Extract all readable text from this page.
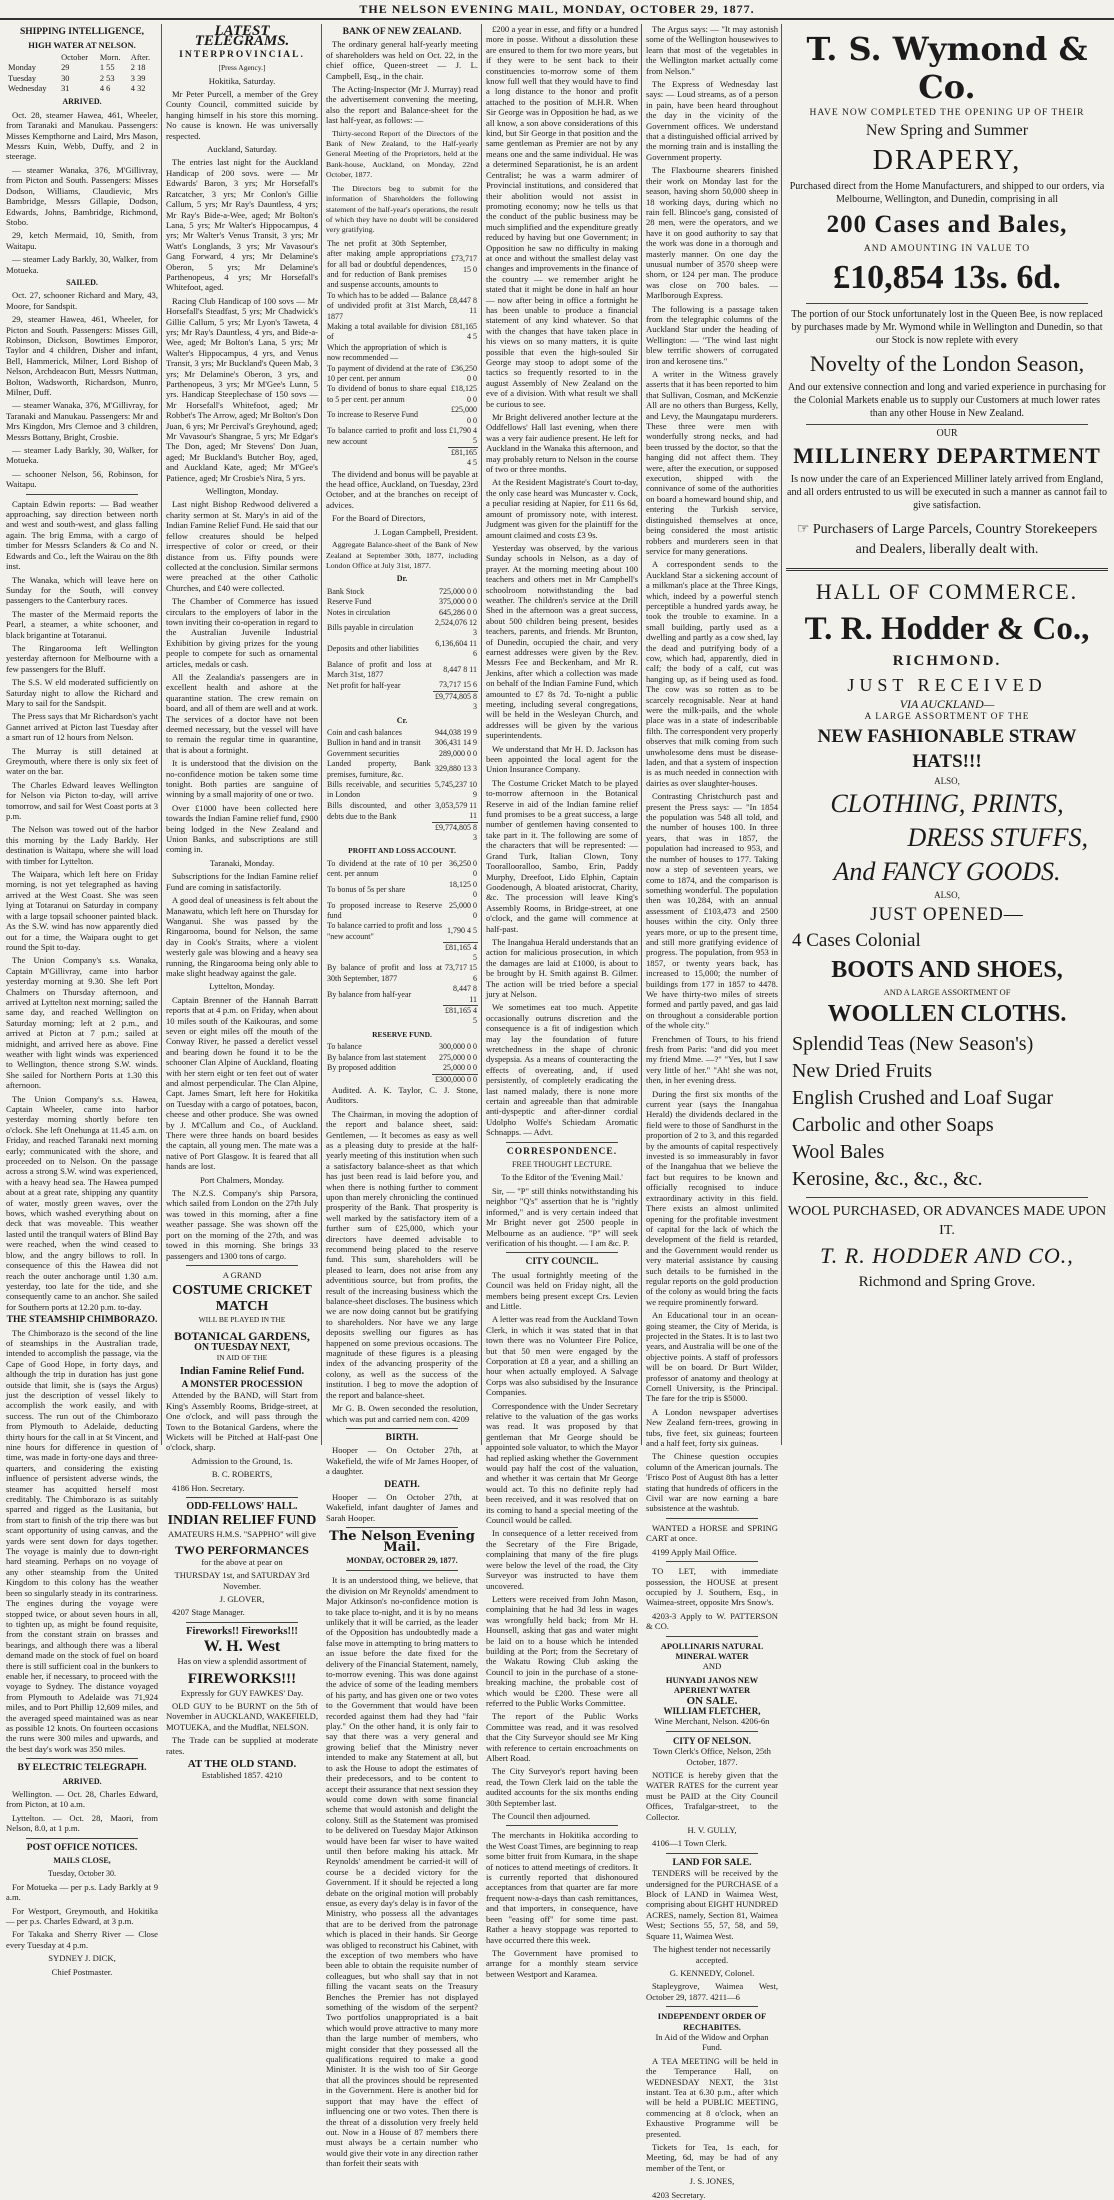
THE NELSON EVENING MAIL, MONDAY, OCTOBER 29, 1877.
SHIPPING INTELLIGENCE,
HIGH WATER AT NELSON.
	October	Morn.	After.
Monday	29	1 55	2 18
Tuesday	30	2 53	3 39
Wednesday	31	4 6	4 32
ARRIVED.

Oct. 28, steamer Hawea, 461, Wheeler, from Taranaki and Manukau. Passengers: Misses Kempthorne and Laird, Mrs Mason, Messrs Kuin, Webb, Duffy, and 2 in steerage.

— steamer Wanaka, 376, M'Gillivray, from Picton and South. Passengers: Misses Dodson, Williams, Claudievic, Mrs Bambridge, Messrs Gillapie, Dodson, Edwards, Johns, Bambridge, Richmond, Stobo.

29, ketch Mermaid, 10, Smith, from Waitapu.

— steamer Lady Barkly, 30, Walker, from Motueka.

SAILED.

Oct. 27, schooner Richard and Mary, 43, Moore, for Sandspit.

29, steamer Hawea, 461, Wheeler, for Picton and South. Passengers: Misses Gill, Robinson, Dickson, Bowtimes Emporor, Taylor and 4 children, Disher and infant, Bell, Hammerick, Milner, Lord Bishop of Nelson, Archdeacon Butt, Messrs Nuttman, Bolton, Wadsworth, Richardson, Munro, Milner, Duff.

— steamer Wanaka, 376, M'Gillivray, for Taranaki and Manukau. Passengers: Mr and Mrs Kingdon, Mrs Clemoe and 3 children, Messrs Bottany, Bright, Crosbie.

— steamer Lady Barkly, 30, Walker, for Motueka.

— schooner Nelson, 56, Robinson, for Waitapu.

Captain Edwin reports: — Bad weather approaching, say direction between north and west and south-west, and glass falling again. The brig Emma, with a cargo of timber for Messrs Sclanders & Co and N. Edwards and Co., left the Wairau on the 8th inst.

The Wanaka, which will leave here on Sunday for the South, will convey passengers to the Canterbury races.

The master of the Mermaid reports the Pearl, a steamer, a white schooner, and black brigantine at Totaranui.

The Ringarooma left Wellington yesterday afternoon for Melbourne with a few passengers for the Bluff.

The S.S. W eld moderated sufficiently on Saturday night to allow the Richard and Mary to sail for the Sandspit.

The Press says that Mr Richardson's yacht Gannet arrived at Picton last Tuesday after a smart run of 12 hours from Nelson.

The Murray is still detained at Greymouth, where there is only six feet of water on the bar.

The Charles Edward leaves Wellington for Nelson via Picton to-day, will arrive tomorrow, and sail for West Coast ports at 3 p.m.

The Nelson was towed out of the harbor this morning by the Lady Barkly. Her destination is Waitapu, where she will load with timber for Lyttelton.

The Waipara, which left here on Friday morning, is not yet telegraphed as having arrived at the West Coast. She was seen lying at Totaranui on Saturday in company with a large topsail schooner painted black. As the S.W. wind has now apparently died out for a time, the Waipara ought to get round the Spit to-day.

The Union Company's s.s. Wanaka, Captain M'Gillivray, came into harbor yesterday morning at 9.30. She left Port Chalmers on Thursday afternoon, and arrived at Lyttelton next morning; sailed the same day, and reached Wellington on Saturday morning; left at 2 p.m., and arrived at Picton at 7 p.m.; sailed at midnight, and arrived here as above. Fine weather with light winds was experienced to Wellington, thence strong S.W. winds. She sailed for Northern Ports at 1.30 this afternoon.

The Union Company's s.s. Hawea, Captain Wheeler, came into harbor yesterday morning shortly before ten o'clock. She left Onehunga at 11.45 a.m. on Friday, and reached Taranaki next morning early; communicated with the shore, and proceeded on to Nelson. On the passage across a strong S.W. wind was experienced, with a heavy head sea. The Hawea pumped about at a great rate, shipping any quantity of water, mostly green waves, over the bows, which washed everything about on deck that was moveable. This weather lasted until the tranquil waters of Blind Bay were reached, when the wind ceased to blow, and the angry billows to roll. In consequence of this the Hawea did not reach the outer anchorage until 1.30 a.m. yesterday, too late for the tide, and she consequently came to an anchor. She sailed for Southern ports at 12.20 p.m. to-day.

THE STEAMSHIP CHIMBORAZO.

The Chimborazo is the second of the line of steamships in the Australian trade, intended to accomplish the passage, via the Cape of Good Hope, in forty days, and although the trip in duration has just gone outside that limit, she is (says the Argus) just the description of vessel likely to accomplish the work easily, and with success. The run out of the Chimborazo from Plymouth to Adelaide, deducting thirty hours for the call in at St Vincent, and nine hours for difference in question of time, was made in forty-one days and three-quarters, and considering the existing influence of persistent adverse winds, the steamer has acquitted herself most creditably. The Chimborazo is as suitably sparred and rigged as the Lusitania, but from start to finish of the trip there was but scant opportunity of using canvas, and the yards were sent down for days together. The voyage is mainly due to down-right hard steaming. Perhaps on no voyage of any other steamship from the United Kingdom to this colony has the weather been so singularly steady in its contrariness. The engines during the voyage were stopped twice, or about seven hours in all, to tighten up, as might be found requisite, from the constant strain on brasses and bearings, and although there was a liberal demand made on the stock of fuel on board there is still sufficient coal in the bunkers to enable her, if necessary, to proceed with the voyage to Sydney. The distance voyaged from Plymouth to Adelaide was 71,924 miles, and to Port Phillip 12,609 miles, and the averaged speed maintained was as near as possible 12 knots. On fourteen occasions the runs were 300 miles and upwards, and the best day's work was 350 miles.

BY ELECTRIC TELEGRAPH.
ARRIVED.

Wellington. — Oct. 28, Charles Edward, from Picton, at 10 a.m.

Lyttelton. — Oct. 28, Maori, from Nelson, 8.0, at 1 p.m.

POST OFFICE NOTICES.
MAILS CLOSE,
Tuesday, October 30.

For Motueka — per p.s. Lady Barkly at 9 a.m.

For Westport, Greymouth, and Hokitika — per p.s. Charles Edward, at 3 p.m.

For Takaka and Sherry River — Close every Tuesday at 4 p.m.

SYDNEY J. DICK,

Chief Postmaster.

LATEST TELEGRAMS.
INTERPROVINCIAL.
[Press Agency.]

Hokitika, Saturday.

Mr Peter Purcell, a member of the Grey County Council, committed suicide by hanging himself in his store this morning. No cause is known. He was universally respected.

Auckland, Saturday.

The entries last night for the Auckland Handicap of 200 sovs. were — Mr Edwards' Baron, 3 yrs; Mr Horsefall's Ratcatcher, 3 yrs; Mr Conlon's Gillie Callum, 5 yrs; Mr Ray's Dauntless, 4 yrs; Mr Ray's Bide-a-Wee, aged; Mr Bolton's Lana, 5 yrs; Mr Walter's Hippocampus, 4 yrs; Mr Walter's Venus Transit, 3 yrs; Mr Watt's Longlands, 3 yrs; Mr Vavasour's Gang Forward, 4 yrs; Mr Delamine's Oberon, 5 yrs; Mr Delamine's Parthenopeus, 4 yrs; Mr Horsefall's Whitefoot, aged.

Racing Club Handicap of 100 sovs — Mr Horsefall's Steadfast, 5 yrs; Mr Chadwick's Gillie Callum, 5 yrs; Mr Lyon's Taweta, 4 yrs; Mr Ray's Dauntless, 4 yrs, and Bide-a-Wee, aged; Mr Bolton's Lana, 5 yrs; Mr Walter's Hippocampus, 4 yrs, and Venus Transit, 3 yrs; Mr Buckland's Queen Mab, 3 yrs; Mr Delamine's Oberon, 3 yrs, and Parthenopeus, 3 yrs; Mr M'Gee's Lunn, 5 yrs. Handicap Steeplechase of 150 sovs — Mr Horsefall's Whitefoot, aged; Mr Robbet's The Arrow, aged; Mr Bolton's Don Juan, 6 yrs; Mr Percival's Greyhound, aged; Mr Vavasour's Shangrae, 5 yrs; Mr Edgar's The Don, aged; Mr Stevens' Don Juan, aged; Mr Buckland's Butcher Boy, aged, and Auckland Kate, aged; Mr M'Gee's Patience, aged; Mr Crosbie's Nira, 5 yrs.

Wellington, Monday.

Last night Bishop Redwood delivered a charity sermon at St. Mary's in aid of the Indian Famine Relief Fund. He said that our fellow creatures should be helped irrespective of color or creed, or their distance from us. Fifty pounds were collected at the conclusion. Similar sermons were preached at the other Catholic Churches, and £40 were collected.

The Chamber of Commerce has issued circulars to the employers of labor in the town inviting their co-operation in regard to the Australian Juvenile Industrial Exhibition by giving prizes for the young people to compete for such as ornamental articles, medals or cash.

All the Zealandia's passengers are in excellent health and ashore at the quarantine station. The crew remain on board, and all of them are well and at work. The services of a doctor have not been deemed necessary, but the vessel will have to remain the regular time in quarantine, that is about a fortnight.

It is understood that the division on the no-confidence motion be taken some time tonight. Both parties are sanguine of winning by a small majority of one or two.

Over £1000 have been collected here towards the Indian Famine relief fund, £900 being lodged in the New Zealand and Union Banks, and subscriptions are still coming in.

Taranaki, Monday.

Subscriptions for the Indian Famine relief Fund are coming in satisfactorily.

A good deal of uneasiness is felt about the Manawatu, which left here on Thursday for Wanganui. She was passed by the Ringarooma, bound for Nelson, the same day in Cook's Straits, where a violent westerly gale was blowing and a heavy sea running, the Ringarooma being only able to make slight headway against the gale.

Lyttelton, Monday.

Captain Brenner of the Hannah Barratt reports that at 4 p.m. on Friday, when about 10 miles south of the Kaikouras, and some seven or eight miles off the mouth of the Conway River, he passed a derelict vessel and bearing down he found it to be the schooner Clan Alpine of Auckland, floating with her stern eight or ten feet out of water and almost perpendicular. The Clan Alpine, Capt. James Smart, left here for Hokitika on Tuesday with a cargo of potatoes, bacon, cheese and other produce. She was owned by J. M'Callum and Co., of Auckland. There were three hands on board besides the captain, all young men. The mate was a native of Port Glasgow. It is feared that all hands are lost.

Port Chalmers, Monday.

The N.Z.S. Company's ship Parsora, which sailed from London on the 27th July was towed in this morning, after a fine weather passage. She was shown off the port on the morning of the 27th, and was towed in this morning. She brings 33 passengers and 1300 tons of cargo.

A GRAND

COSTUME CRICKET MATCH

WILL BE PLAYED IN THE

BOTANICAL GARDENS,
ON TUESDAY NEXT,

IN AID OF THE

Indian Famine Relief Fund.
A MONSTER PROCESSION

Attended by the BAND, will Start from King's Assembly Rooms, Bridge-street, at One o'clock, and will pass through the Town to the Botanical Gardens, where the Wickets will be Pitched at Half-past One o'clock, sharp.

Admission to the Ground, 1s.

B. C. ROBERTS,

4186 Hon. Secretary.

ODD-FELLOWS' HALL.
INDIAN RELIEF FUND

AMATEURS H.M.S. "SAPPHO" will give

TWO PERFORMANCES

for the above at pear on

THURSDAY 1st, and SATURDAY 3rd November.

J. GLOVER,

4207 Stage Manager.

Fireworks!! Fireworks!!!
W. H. West

Has on view a splendid assortment of

FIREWORKS!!!

Expressly for GUY FAWKES' Day.

OLD GUY to be BURNT on the 5th of November in AUCKLAND, WAKEFIELD, MOTUEKA, and the Mudflat, NELSON.

The Trade can be supplied at moderate rates.

AT THE OLD STAND.

Established 1857. 4210

BANK OF NEW ZEALAND.

The ordinary general half-yearly meeting of shareholders was held on Oct. 22, in the chief office, Queen-street — J. L. Campbell, Esq., in the chair.

The Acting-Inspector (Mr J. Murray) read the advertisement convening the meeting, also the report and Balance-sheet for the last half-year, as follows: —

Thirty-second Report of the Directors of the Bank of New Zealand, to the Half-yearly General Meeting of the Proprietors, held at the Bank-house, Auckland, on Monday, 22nd October, 1877.

The Directors beg to submit for the information of Shareholders the following statement of the half-year's operations, the result of which they have no doubt will be considered very gratifying.

The net profit at 30th September, after making ample appropriations for all bad or doubtful dependences, and for reduction of Bank premises and suspense accounts, amounts to	£73,717 15 0
To which has to be added — Balance of undivided profit at 31st March, 1877	£8,447 8 11
Making a total available for division of	£81,165 4 5
Which the appropriation of which is now recommended —	
To payment of dividend at the rate of 10 per cent. per annum	£36,250 0 0
To dividend of bonus to share equal to 5 per cent. per annum	£18,125 0 0
To increase to Reserve Fund	£25,000 0 0
To balance carried to profit and loss new account	£1,790 4 5
	£81,165 4 5

The dividend and bonus will be payable at the head office, Auckland, on Tuesday, 23rd October, and at the branches on receipt of advices.

For the Board of Directors,

J. Logan Campbell, President.

Aggregate Balance-sheet of the Bank of New Zealand at September 30th, 1877, including London Office at July 31st, 1877.

Dr.
Bank Stock	725,000 0 0
Reserve Fund	375,000 0 0
Notes in circulation	645,286 0 0
Bills payable in circulation	2,524,076 12 3
Deposits and other liabilities	6,136,604 11 6
Balance of profit and loss at March 31st, 1877	8,447 8 11
Net profit for half-year	73,717 15 6
	£9,774,805 8 3
Cr.
Coin and cash balances	944,038 19 9
Bullion in hand and in transit	306,431 14 9
Government securities	289,000 0 0
Landed property, Bank premises, furniture, &c.	329,880 13 3
Bills receivable, and securities in London	5,745,237 10 9
Bills discounted, and other debts due to the Bank	3,053,579 11 11
	£9,774,805 8 3
PROFIT AND LOSS ACCOUNT.
To dividend at the rate of 10 per cent. per annum	36,250 0 0
To bonus of 5s per share	18,125 0 0
To proposed increase to Reserve fund	25,000 0 0
To balance carried to profit and loss "new account"	1,790 4 5
	£81,165 4 5
By balance of profit and loss at 30th September, 1877	73,717 15 6
By balance from half-year	8,447 8 11
	£81,165 4 5
RESERVE FUND.
To balance	300,000 0 0
By balance from last statement	275,000 0 0
By proposed addition	25,000 0 0
	£300,000 0 0

Audited. A. K. Taylor, C. J. Stone, Auditors.

The Chairman, in moving the adoption of the report and balance sheet, said: Gentlemen, — It becomes as easy as well as a pleasing duty to preside at the half-yearly meeting of this institution when such a satisfactory balance-sheet as that which has just been read is laid before you, and when there is nothing further to comment upon than merely chronicling the continued prosperity of the Bank. That prosperity is well marked by the satisfactory item of a further sum of £25,000, which your directors have deemed advisable to recommend being placed to the reserve fund. This sum, shareholders will be pleased to learn, does not arise from any adventitious source, but from profits, the result of the increasing business which the balance-sheet discloses. The business which we are now doing cannot but be gratifying to shareholders. Nor have we any large deposits swelling our figures as has happened on some previous occasions. The magnitude of these figures is a pleasing index of the advancing prosperity of the colony, as well as the success of the institution. I beg to move the adoption of the report and balance-sheet.

Mr G. B. Owen seconded the resolution, which was put and carried nem con. 4209

BIRTH.

Hooper — On October 27th, at Wakefield, the wife of Mr James Hooper, of a daughter.

DEATH.

Hooper — On October 27th, at Wakefield, infant daughter of James and Sarah Hooper.

The Nelson Evening Mail.
MONDAY, OCTOBER 29, 1877.

It is an understood thing, we believe, that the division on Mr Reynolds' amendment to Major Atkinson's no-confidence motion is to take place to-night, and it is by no means unlikely that it will be carried, as the leader of the Opposition has undoubtedly made a false move in attempting to bring matters to an issue before the date fixed for the delivery of the Financial Statement, namely, to-morrow evening. This was done against the advice of some of the leading members of his party, and has given one or two votes to the Government that would have been recorded against them had they had "fair play." On the other hand, it is only fair to say that there was a very general and growing belief that the Ministry never intended to make any Statement at all, but to ask the House to adopt the estimates of their predecessors, and to be content to accept their assurance that next session they would come down with some financial scheme that would astonish and delight the colony. Still as the Statement was promised to be delivered on Tuesday Major Atkinson would have been far wiser to have waited until then before making his attack. Mr Reynolds' amendment be carried-it will of course be a decided victory for the Government. If it should be rejected a long debate on the original motion will probably ensue, as every day's delay is in favor of the Ministry, who possess all the advantages that are to be derived from the patronage which is placed in their hands. Sir George was obliged to reconstruct his Cabinet, with the exception of two members who have been able to obtain the requisite number of colleagues, but who shall say that in not filling the vacant seats on the Treasury Benches the Premier has not displayed something of the wisdom of the serpent? Two portfolios unappropriated is a bait which would prove attractive to many more than the large number of members, who might consider that they possessed all the qualifications required to make a good Minister. It is the wish too of Sir George that all the provinces should be represented in the Government. Here is another bid for support that may have the effect of influencing one or two votes. Then there is the threat of a dissolution very freely held out. Now in a House of 87 members there must always be a certain number who would give their vote in any direction rather than forfeit their seats with

£200 a year in esse, and fifty or a hundred more in posse. Without a dissolution these are ensured to them for two more years, but if they were to be sent back to their constituencies to-morrow some of them know full well that they would have to find a long distance to the honor and profit attached to the position of M.H.R. When Sir George was in Opposition he had, as we all know, a son above considerations of this kind, but Sir George in that position and the same gentleman as Premier are not by any means one and the same individual. He was a determined Separationist, he is an ardent Centralist; he was a warm admirer of Provincial institutions, and considered that their abolition would not assist in promoting economy; now he tells us that the conduct of the public business may be much simplified and the expenditure greatly reduced by having but one Government; in Opposition he saw no difficulty in making at once and without the smallest delay vast changes and improvements in the finance of the country — we remember aright he stated that it might be done in half an hour — now after being in office a fortnight he has been unable to produce a financial statement of any kind whatever. So that with the changes that have taken place in his views on so many matters, it is quite possible that even the high-souled Sir George may stoop to adopt some of the tactics so frequently resorted to in the august Assembly of New Zealand on the eve of a division. With what result we shall be curious to see.

Mr Bright delivered another lecture at the Oddfellows' Hall last evening, when there was a very fair audience present. He left for Auckland in the Wanaka this afternoon, and may probably return to Nelson in the course of two or three months.

At the Resident Magistrate's Court to-day, the only case heard was Muncaster v. Cock, a peculiar residing at Napier, for £11 6s 6d, amount of promissory note, with interest. Judgment was given for the plaintiff for the amount claimed and costs £3 9s.

Yesterday was observed, by the various Sunday schools in Nelson, as a day of prayer. At the morning meeting about 100 teachers and others met in Mr Campbell's schoolroom notwithstanding the bad weather. The children's service at the Drill Shed in the afternoon was a great success, about 500 children being present, besides teachers, parents, and friends. Mr Brunton, of Dunedin, occupied the chair, and very earnest addresses were given by the Rev. Messrs Fee and Beckenham, and Mr R. Jenkins, after which a collection was made on behalf of the Indian Famine Fund, which amounted to £7 8s 7d. To-night a public meeting, including several congregations, will be held in the Wesleyan Church, and addresses will be given by the various superintendents.

We understand that Mr H. D. Jackson has been appointed the local agent for the Union Insurance Company.

The Costume Cricket Match to be played to-morrow afternoon in the Botanical Reserve in aid of the Indian famine relief fund promises to be a great success, a large number of gentlemen having consented to take part in it. The following are some of the characters that will be represented: — Grand Turk, Italian Clown, Tony Toorallooralloo, Sambo, Erin, Paddy Murphy, Dreefoot, Lido Elphin, Captain Goodenough, A bloated aristocrat, Charity, &c. The procession will leave King's Assembly Rooms, in Bridge-street, at one o'clock, and the game will commence at half-past.

The Inangahua Herald understands that an action for malicious prosecution, in which the damages are laid at £1000, is about to be brought by H. Smith against B. Gilmer. The action will be tried before a special jury at Nelson.

We sometimes eat too much. Appetite occasionally outruns discretion and the consequence is a fit of indigestion which may lay the foundation of future wretchedness in the shape of chronic dyspepsia. As a means of counteracting the effects of overeating, and, if used persistently, of completely eradicating the last named malady, there is none more certain and agreeable than that admirable anti-dyspeptic and after-dinner cordial Udolpho Wolfe's Schiedam Aromatic Schnapps. — Advt.

CORRESPONDENCE.
FREE THOUGHT LECTURE.

To the Editor of the 'Evening Mail.'

Sir, — "P" still thinks notwithstanding his neighbor "Q's" assertion that he is "rightly informed," and is very certain indeed that Mr Bright never got 2500 people in Melbourne as an audience. "P" will seek verification of his thought. — I am &c. P.

CITY COUNCIL.

The usual fortnightly meeting of the Council was held on Friday night, all the members being present except Crs. Levien and Little.

A letter was read from the Auckland Town Clerk, in which it was stated that in that town there was no Volunteer Fire Police, but that 50 men were engaged by the Corporation at £8 a year, and a shilling an hour when actually employed. A Salvage Corps was also subsidised by the Insurance Companies.

Correspondence with the Under Secretary relative to the valuation of the gas works was read. It was proposed by that gentleman that Mr George should be appointed sole valuator, to which the Mayor had replied asking whether the Government would pay half the cost of the valuation, and whether it was certain that Mr George would act. To this no definite reply had been received, and it was resolved that on its coming to hand a special meeting of the Council would be called.

In consequence of a letter received from the Secretary of the Fire Brigade, complaining that many of the fire plugs were below the level of the road, the City Surveyor was instructed to have them uncovered.

Letters were received from John Mason, complaining that he had 3d less in wages was wrongfully held back; from Mr H. Hounsell, asking that gas and water might be laid on to a house which he intended building at the Port; from the Secretary of the Wakatu Rowing Club asking the Council to join in the purchase of a stone-breaking machine, the probable cost of which would be £200. These were all referred to the Public Works Committee.

The report of the Public Works Committee was read, and it was resolved that the City Surveyor should see Mr King with reference to certain encroachments on Albert Road.

The City Surveyor's report having been read, the Town Clerk laid on the table the audited accounts for the six months ending 30th September last.

The Council then adjourned.

The merchants in Hokitika according to the West Coast Times, are beginning to reap some bitter fruit from Kumara, in the shape of notices to attend meetings of creditors. It is currently reported that dishonoured acceptances from that quarter are far more frequent now-a-days than cash remittances, and that importers, in consequence, have been "easing off" for some time past. Rather a heavy stoppage was reported to have occurred there this week.

The Government have promised to arrange for a monthly steam service between Westport and Karamea.

The Argus says: — "It may astonish some of the Wellington housewives to learn that most of the vegetables in the Wellington market actually come from Nelson."

The Express of Wednesday last says: — Loud streams, as of a person in pain, have been heard throughout the day in the vicinity of the Government offices. We understand that a distinguished official arrived by the morning train and is installing the Government property.

The Flaxbourne shearers finished their work on Monday last for the season, having shorn 50,000 sheep in 18 working days, during which no rain fell. Blincoe's gang, consisted of 28 men, were the operators, and we have it on good authority to say that the work was done in a thorough and masterly manner. On one day the unusual number of 3570 sheep were shorn, or 124 per man. The produce was close on 700 bales. — Marlborough Express.

The following is a passage taken from the telegraphic columns of the Auckland Star under the heading of Wellington: — "The wind last night blew terrific showers of corrugated iron and kerosene tins."

A writer in the Witness gravely asserts that it has been reported to him that Sullivan, Cosman, and McKenzie All are no others than Burgess, Kelly, and Levy, the Maungatapu murderers. These three were men with wonderfully strong necks, and had been trussed by the doctor, so that the hanging did not affect them. They were, after the execution, or supposed execution, shipped with the connivance of some of the authorities on board a homeward bound ship, and entering the Turkish service, distinguished themselves at once, being considered the most artistic robbers and murderers seen in that service for many generations.

A correspondent sends to the Auckland Star a sickening account of a milkman's place at the Three Kings, which, indeed by a powerful stench perceptible a hundred yards away, he took the trouble to examine. In a small building, partly used as a dwelling and partly as a cow shed, lay the dead and putrifying body of a cow, which had, apparently, died in calf; the body of a calf, cut was hanging up, as if being used as food. The cow was so rotten as to be scarcely recognisable. Near at hand were the milk-pails, and the whole place was in a state of indescribable filth. The correspondent very properly observes that milk coming from such unwholesome dens must be disease-laden, and that a system of inspection is as much needed in connection with dairies as over slaughter-houses.

Contrasting Christchurch past and present the Press says: — "In 1854 the population was 548 all told, and the number of houses 100. In three years, that was in 1857, the population had increased to 953, and the number of houses to 177. Taking now a step of seventeen years, we come to 1874, and the comparison is something wonderful. The population then was 10,284, with an annual assessment of £103,473 and 2500 houses within the city. Only three years more, or up to the present time, and still more gratifying evidence of progress. The population, from 953 in 1857, or twenty years back, has increased to 15,000; the number of buildings from 177 in 1857 to 4478. We have thirty-two miles of streets formed and partly paved, and gas laid on throughout a considerable portion of the whole city."

Frenchmen of Tours, to his friend fresh from Paris: "and did you meet my friend Mme. —?" "Yes, but I saw very little of her." "Ah! she was not, then, in her evening dress.

During the first six months of the current year (says the Inangahua Herald) the dividends declared in the field were to those of Sandhurst in the proportion of 2 to 3, and this regarded by the amounts of capital respectively invested is so immeasurably in favor of the Inangahua that we believe the fact but requires to be known and officially recognised to induce extraordinary activity in this field. There exists an almost unlimited opening for the profitable investment of capital for the lack of which the development of the field is retarded, and the Government would render us very material assistance by causing such details to be furnished in the regular reports on the gold production of the colony as would bring the facts we require prominently forward.

An Educational tour in an ocean-going steamer, the City of Merida, is projected in the States. It is to last two years, and Australia will be one of the objective points. A staff of professors will be on board. Dr Burt Wilder, professor of anatomy and theology at Cornell University, is the Principal. The fare for the trip is $5000.

A London newspaper advertises New Zealand fern-trees, growing in tubs, five feet, six guineas; fourteen and a half feet, forty six guineas.

The Chinese question occupies column of the American journals. The 'Frisco Post of August 8th has a letter stating that hundreds of officers in the Civil war are now earning a bare subsistence at the washtub.

WANTED a HORSE and SPRING CART at once.

4199 Apply Mail Office.

TO LET, with immediate possession, the HOUSE at present occupied by J. Southern, Esq., in Waimea-street, opposite Mrs Snow's.

4203-3 Apply to W. PATTERSON & CO.

APOLLINARIS NATURAL MINERAL WATER

AND

HUNYADI JANOS NEW APERIENT WATER
ON SALE.
WILLIAM FLETCHER,

Wine Merchant, Nelson. 4206-6n

CITY OF NELSON.

Town Clerk's Office, Nelson, 25th October, 1877.

NOTICE is hereby given that the WATER RATES for the current year must be PAID at the City Council Offices, Trafalgar-street, to the Collector.

H. V. GULLY,

4106—1 Town Clerk.

LAND FOR SALE.

TENDERS will be received by the undersigned for the PURCHASE of a Block of LAND in Waimea West, comprising about EIGHT HUNDRED ACRES, namely, Section 81, Waimea West; Sections 55, 57, 58, and 59, Square 11, Waimea West.

The highest tender not necessarily accepted.

G. KENNEDY, Colonel.

Stapleygrove, Waimea West, October 29, 1877. 4211—6

INDEPENDENT ORDER OF RECHABITES.

In Aid of the Widow and Orphan Fund.

A TEA MEETING will be held in the Temperance Hall, on WEDNESDAY NEXT, the 31st instant. Tea at 6.30 p.m., after which will be held a PUBLIC MEETING, commencing at 8 o'clock, when an Exhaustive Programme will be presented.

Tickets for Tea, 1s each, for Meeting, 6d, may be had of any member of the Tent, or

J. S. JONES,

4203 Secretary.

T. S. Wymond & Co.
HAVE NOW COMPLETED THE OPENING UP OF THEIR
New Spring and Summer
DRAPERY,
Purchased direct from the Home Manufacturers, and shipped to our orders, via Melbourne, Wellington, and Dunedin, comprising in all
200 Cases and Bales,
AND AMOUNTING IN VALUE TO
£10,854 13s. 6d.
The portion of our Stock unfortunately lost in the Queen Bee, is now replaced by purchases made by Mr. Wymond while in Wellington and Dunedin, so that our Stock is now replete with every
Novelty of the London Season,
And our extensive connection and long and varied experience in purchasing for the Colonial Markets enable us to supply our Customers at much lower rates than any other House in New Zealand.
OUR
MILLINERY DEPARTMENT
Is now under the care of an Experienced Milliner lately arrived from England, and all orders entrusted to us will be executed in such a manner as cannot fail to give satisfaction.
☞ Purchasers of Large Parcels, Country Storekeepers and Dealers, liberally dealt with.
HALL OF COMMERCE.
T. R. Hodder & Co.,
RICHMOND.
JUST RECEIVED
VIA AUCKLAND—
A LARGE ASSORTMENT OF THE
NEW FASHIONABLE STRAW HATS!!!
ALSO,
CLOTHING, PRINTS,
DRESS STUFFS,
And FANCY GOODS.
ALSO,
JUST OPENED—
4 Cases Colonial
BOOTS AND SHOES,
AND A LARGE ASSORTMENT OF
WOOLLEN CLOTHS.
Splendid Teas (New Season's)
New Dried Fruits
English Crushed and Loaf Sugar
Carbolic and other Soaps
Wool Bales
Kerosine, &c., &c., &c.
WOOL PURCHASED, OR ADVANCES MADE UPON IT.
T. R. HODDER AND CO.,
Richmond and Spring Grove.
